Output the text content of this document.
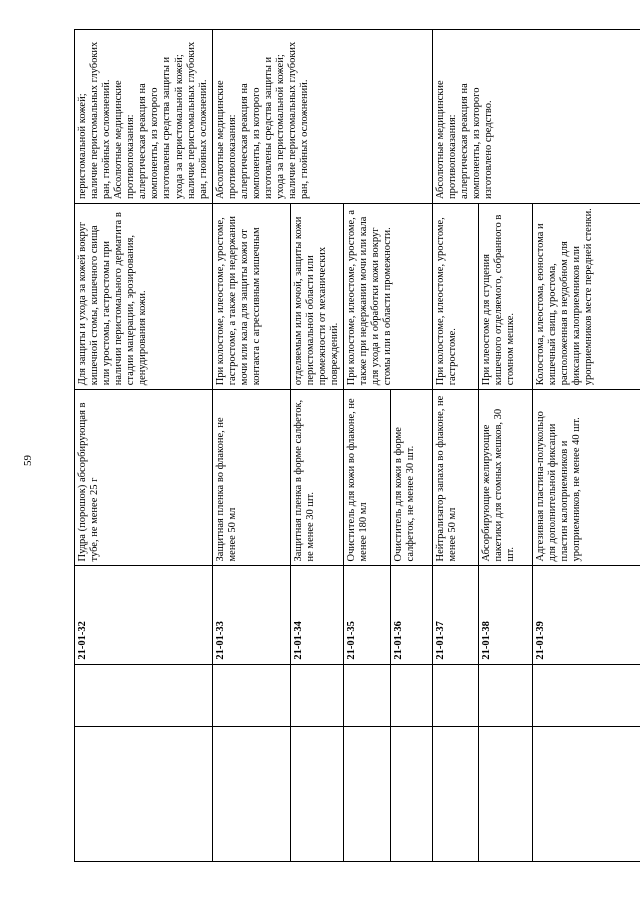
59
		21-01-32	Пудра (порошок) абсорбирующая в тубе, не менее 25 г	Для защиты и ухода за кожей вокруг кишечной стомы, кишечного свища или уростомы, гастростомы при наличии перистомального дерматита в стадии мацерации, эрозирования, денудирования кожи.	перистомальной кожей;
наличие перистомальных глубоких ран, гнойных осложнений.
Абсолютные медицинские противопоказания:
аллергическая реакция на компоненты, из которого изготовлены средства защиты и ухода за перистомальной кожей;
наличие перистомальных глубоких ран, гнойных осложнений.
		21-01-33	Защитная пленка во флаконе, не менее 50 мл	При колостоме, илеостоме, уростоме, гастростоме, а также при недержании мочи или кала для защиты кожи от контакта с агрессивным кишечным	Абсолютные медицинские противопоказания:
аллергическая реакция на компоненты, из которого изготовлены средства защиты и ухода за перистомальной кожей;
наличие перистомальных глубоких ран, гнойных осложнений.
		21-01-34	Защитная пленка в форме салфеток, не менее 30 шт.	отделяемым или мочой, защиты кожи перистомальной области или промежности от механических повреждений.	
		21-01-35	Очиститель для кожи во флаконе, не менее 180 мл	При колостоме, илеостоме, уростоме, а также при недержании мочи или кала для ухода и обработки кожи вокруг стомы или в области промежности.	
		21-01-36	Очиститель для кожи в форме салфеток, не менее 30 шт.		
		21-01-37	Нейтрализатор запаха во флаконе, не менее 50 мл	При колостоме, илеостоме, уростоме, гастростоме.	Абсолютные медицинские противопоказания:
аллергическая реакция на компоненты, из которого изготовлено средство.
		21-01-38	Абсорбирующие желирующие пакетики для стомных мешков, 30 шт.	При илеостоме для сгущения кишечного отделяемого, собранного в стомном мешке.	
		21-01-39	Адгезивная пластина-полукольцо для дополнительной фиксации пластин калоприемников и уроприемников, не менее 40 шт.	Колостома, илеостома, еюностома и кишечный свищ, уростома, расположенная в неудобном для фиксации калоприемников или уроприемников месте передней стенки.	
